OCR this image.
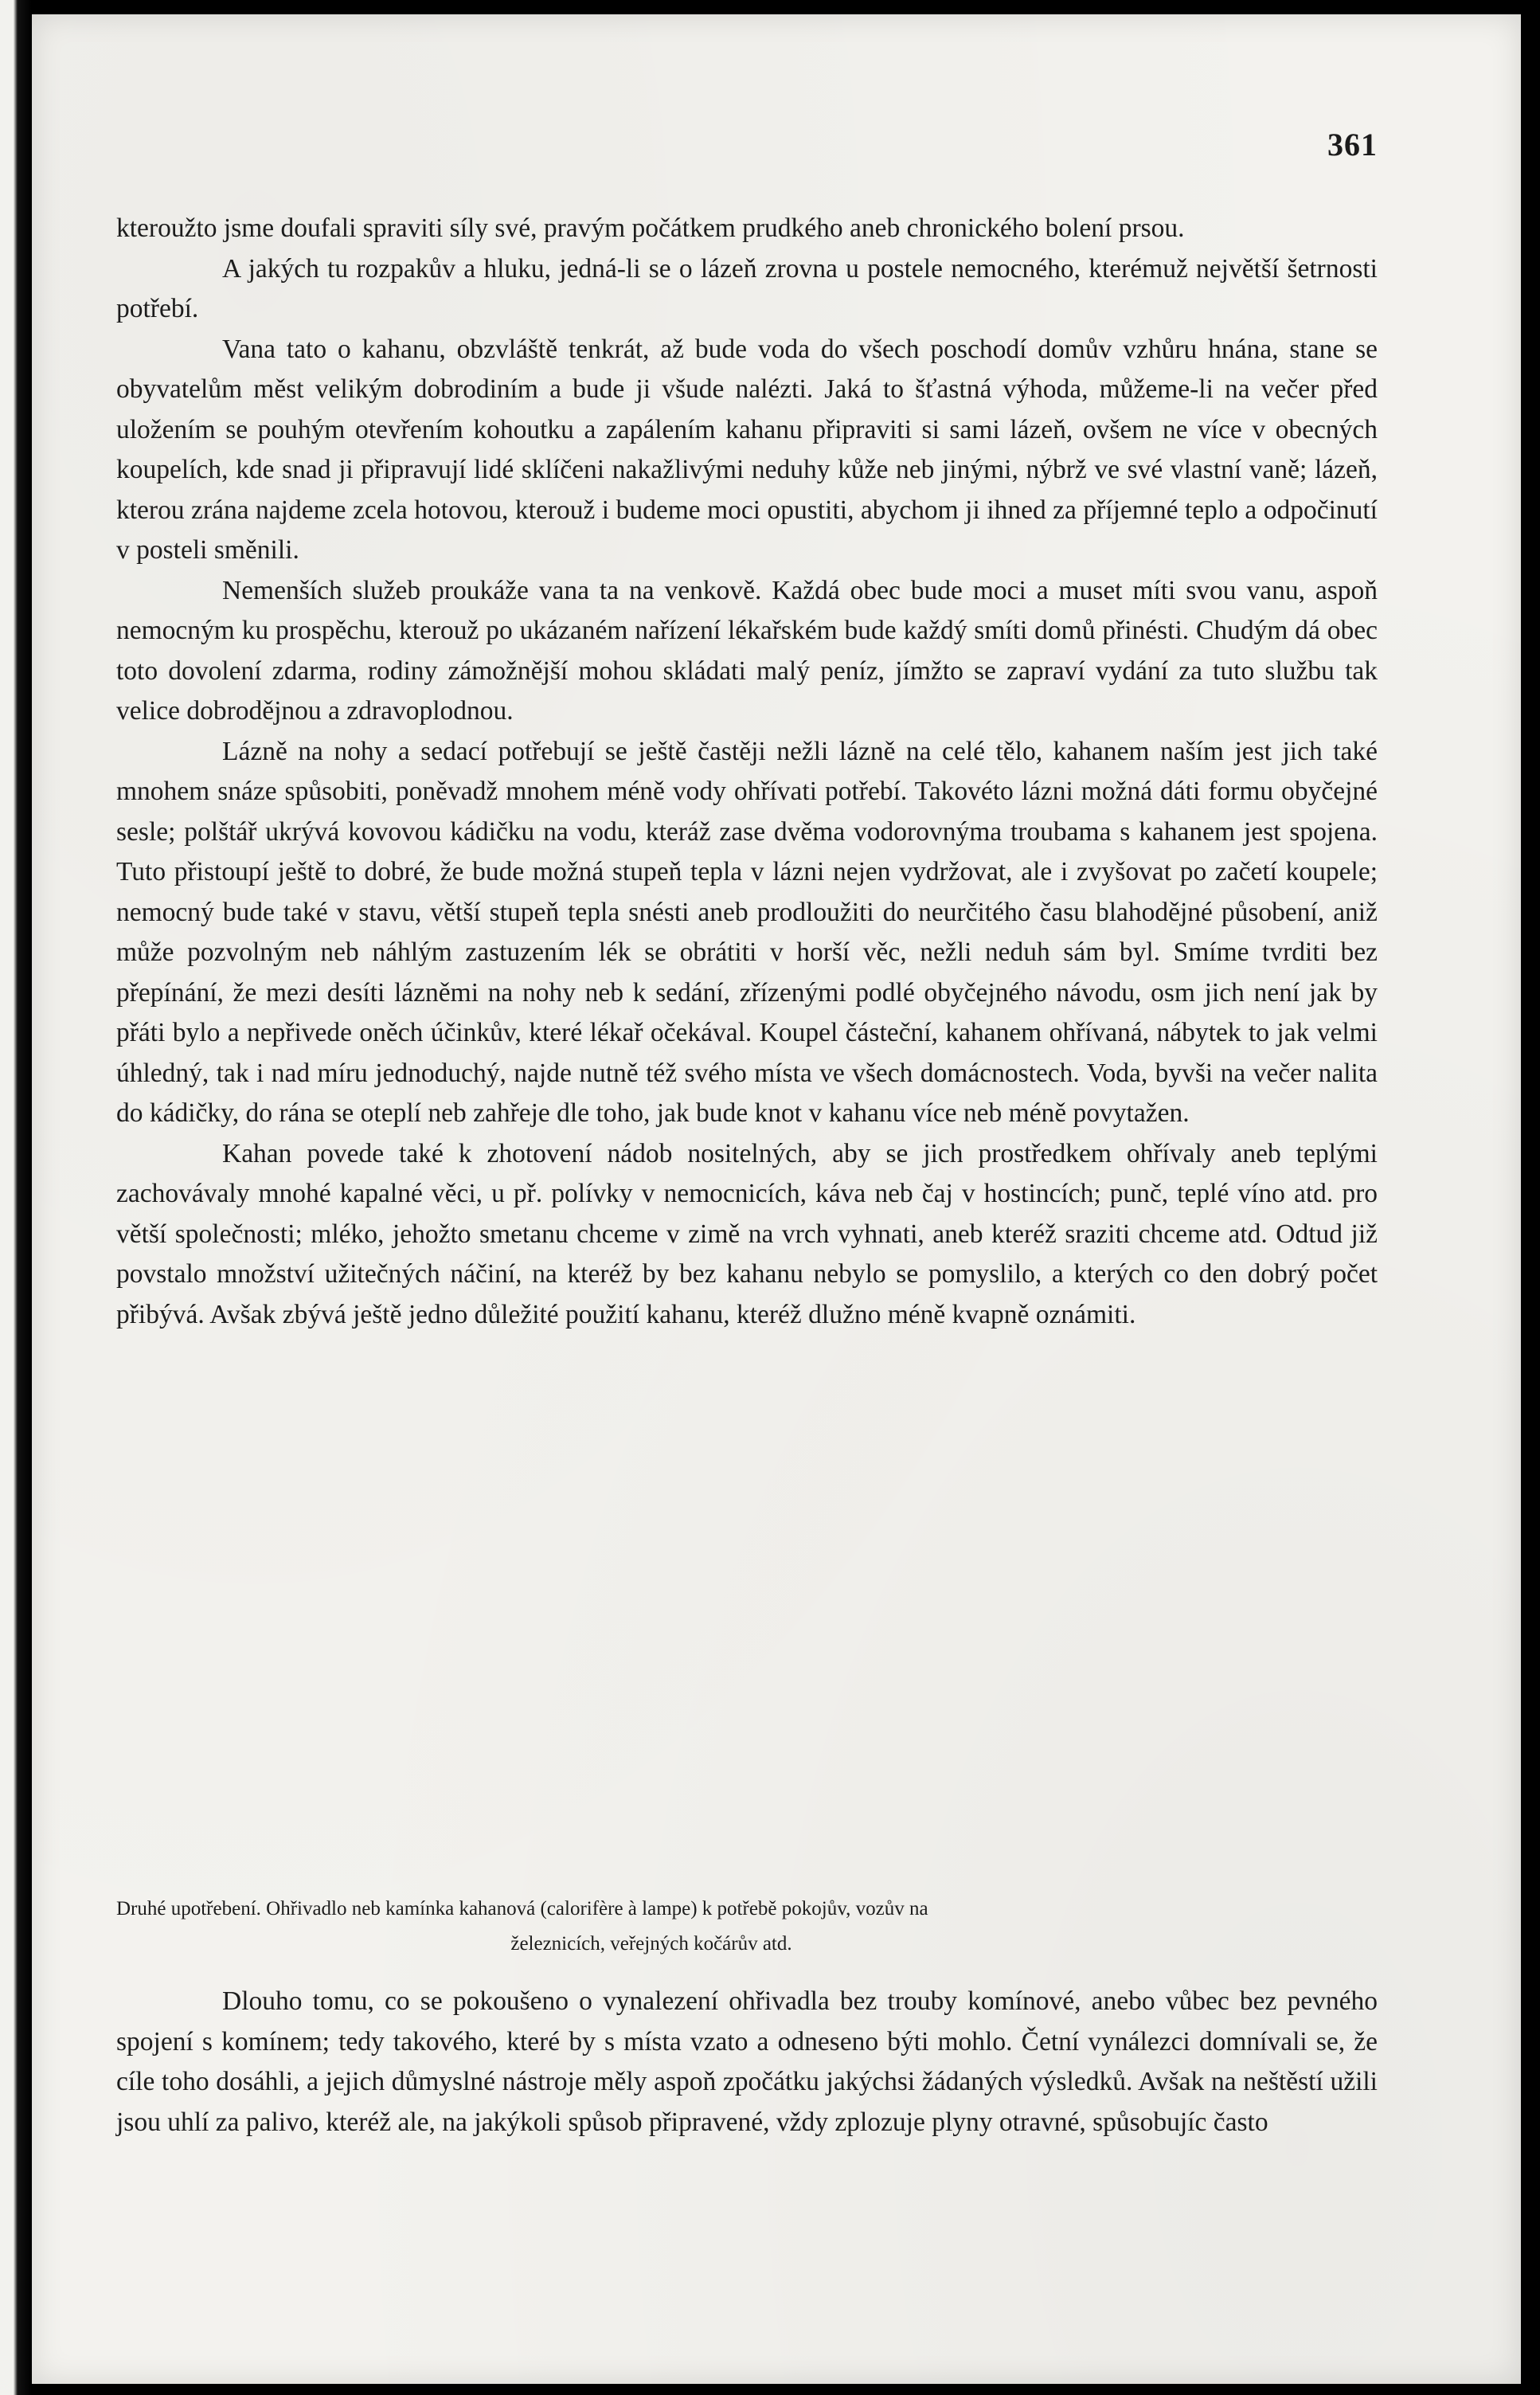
361

kteroužto jsme doufali spraviti síly své, pravým počátkem prudkého aneb chronického bolení prsou.

A jakých tu rozpakův a hluku, jedná-li se o lázeň zrovna u postele nemocného, kterémuž největší šetrnosti potřebí.

Vana tato o kahanu, obzvláště tenkrát, až bude voda do všech poschodí domův vzhůru hnána, stane se obyvatelům měst velikým dobrodiním a bude ji všude nalézti. Jaká to šťastná výhoda, můžeme-li na večer před uložením se pouhým otevřením kohoutku a zapálením kahanu připraviti si sami lázeň, ovšem ne více v obecných koupelích, kde snad ji připravují lidé sklíčeni nakažlivými neduhy kůže neb jinými, nýbrž ve své vlastní vaně; lázeň, kterou zrána najdeme zcela hotovou, kterouž i budeme moci opustiti, abychom ji ihned za příjemné teplo a odpočinutí v posteli směnili.

Nemenších služeb proukáže vana ta na venkově. Každá obec bude moci a muset míti svou vanu, aspoň nemocným ku prospěchu, kterouž po ukázaném nařízení lékařském bude každý smíti domů přinésti. Chudým dá obec toto dovolení zdarma, rodiny zámožnější mohou skládati malý peníz, jímžto se zapraví vydání za tuto službu tak velice dobrodějnou a zdravoplodnou.

Lázně na nohy a sedací potřebují se ještě častěji nežli lázně na celé tělo, kahanem naším jest jich také mnohem snáze spůsobiti, poněvadž mnohem méně vody ohřívati potřebí. Takovéto lázni možná dáti formu obyčejné sesle; polštář ukrývá kovovou kádičku na vodu, kteráž zase dvěma vodorovnýma troubama s kahanem jest spojena. Tuto přistoupí ještě to dobré, že bude možná stupeň tepla v lázni nejen vydržovat, ale i zvyšovat po začetí koupele; nemocný bude také v stavu, větší stupeň tepla snésti aneb prodloužiti do neurčitého času blahodějné působení, aniž může pozvolným neb náhlým zastuzením lék se obrátiti v horší věc, nežli neduh sám byl. Smíme tvrditi bez přepínání, že mezi desíti lázněmi na nohy neb k sedání, zřízenými podlé obyčejného návodu, osm jich není jak by přáti bylo a nepřivede oněch účinkův, které lékař očekával. Koupel částeční, kahanem ohřívaná, nábytek to jak velmi úhledný, tak i nad míru jednoduchý, najde nutně též svého místa ve všech domácnostech. Voda, byvši na večer nalita do kádičky, do rána se oteplí neb zahřeje dle toho, jak bude knot v kahanu více neb méně povytažen.

Kahan povede také k zhotovení nádob nositelných, aby se jich prostředkem ohřívaly aneb teplými zachovávaly mnohé kapalné věci, u př. polívky v nemocnicích, káva neb čaj v hostincích; punč, teplé víno atd. pro větší společnosti; mléko, jehožto smetanu chceme v zimě na vrch vyhnati, aneb kteréž sraziti chceme atd. Odtud již povstalo množství užitečných náčiní, na kteréž by bez kahanu nebylo se pomyslilo, a kterých co den dobrý počet přibývá. Avšak zbývá ještě jedno důležité použití kahanu, kteréž dlužno méně kvapně oznámiti.

Druhé upotřebení. Ohřivadlo neb kamínka kahanová (calorifère à lampe) k potřebě pokojův, vozův na
železnicích, veřejných kočárův atd.

Dlouho tomu, co se pokoušeno o vynalezení ohřivadla bez trouby komínové, anebo vůbec bez pevného spojení s komínem; tedy takového, které by s místa vzato a odneseno býti mohlo. Četní vynálezci domnívali se, že cíle toho dosáhli, a jejich důmyslné nástroje měly aspoň zpočátku jakýchsi žádaných výsledků. Avšak na neštěstí užili jsou uhlí za palivo, kteréž ale, na jakýkoli spůsob připravené, vždy zplozuje plyny otravné, spůsobujíc často
